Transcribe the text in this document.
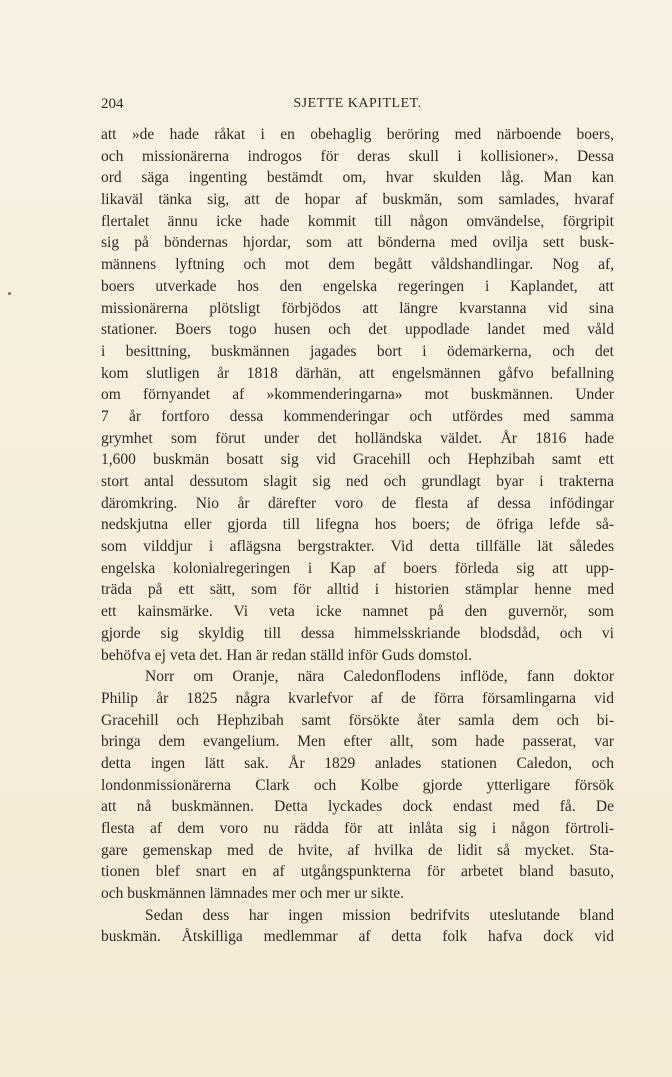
204	SJETTE KAPITLET.
att »de hade råkat i en obehaglig beröring med närboende boers,
och missionärerna indrogos för deras skull i kollisioner». Dessa
ord säga ingenting bestämdt om, hvar skulden låg. Man kan
likaväl tänka sig, att de hopar af buskmän, som samlades, hvaraf
flertalet ännu icke hade kommit till någon omvändelse, förgripit
sig på böndernas hjordar, som att bönderna med ovilja sett busk-
männens lyftning och mot dem begått våldshandlingar. Nog af,
boers utverkade hos den engelska regeringen i Kaplandet, att
missionärerna plötsligt förbjödos att längre kvarstanna vid sina
stationer. Boers togo husen och det uppodlade landet med våld
i besittning, buskmännen jagades bort i ödemarkerna, och det
kom slutligen år 1818 därhän, att engelsmännen gåfvo befallning
om förnyandet af »kommenderingarna» mot buskmännen. Under
7 år fortforo dessa kommenderingar och utfördes med samma
grymhet som förut under det holländska väldet. År 1816 hade
1,600 buskmän bosatt sig vid Gracehill och Hephzibah samt ett
stort antal dessutom slagit sig ned och grundlagt byar i trakterna
däromkring. Nio år därefter voro de flesta af dessa infödingar
nedskjutna eller gjorda till lifegna hos boers; de öfriga lefde så-
som vilddjur i aflägsna bergstrakter. Vid detta tillfälle lät således
engelska kolonialregeringen i Kap af boers förleda sig att upp-
träda på ett sätt, som för alltid i historien stämplar henne med
ett kainsmärke. Vi veta icke namnet på den guvernör, som
gjorde sig skyldig till dessa himmelsskriande blodsdåd, och vi
behöfva ej veta det. Han är redan ställd inför Guds domstol.
Norr om Oranje, nära Caledonflodens inflöde, fann doktor
Philip år 1825 några kvarlefvor af de förra församlingarna vid
Gracehill och Hephzibah samt försökte åter samla dem och bi-
bringa dem evangelium. Men efter allt, som hade passerat, var
detta ingen lätt sak. År 1829 anlades stationen Caledon, och
londonmissionärerna Clark och Kolbe gjorde ytterligare försök
att nå buskmännen. Detta lyckades dock endast med få. De
flesta af dem voro nu rädda för att inlåta sig i någon förtroli-
gare gemenskap med de hvite, af hvilka de lidit så mycket. Sta-
tionen blef snart en af utgångspunkterna för arbetet bland basuto,
och buskmännen lämnades mer och mer ur sikte.
Sedan dess har ingen mission bedrifvits uteslutande bland
buskmän. Åtskilliga medlemmar af detta folk hafva dock vid
